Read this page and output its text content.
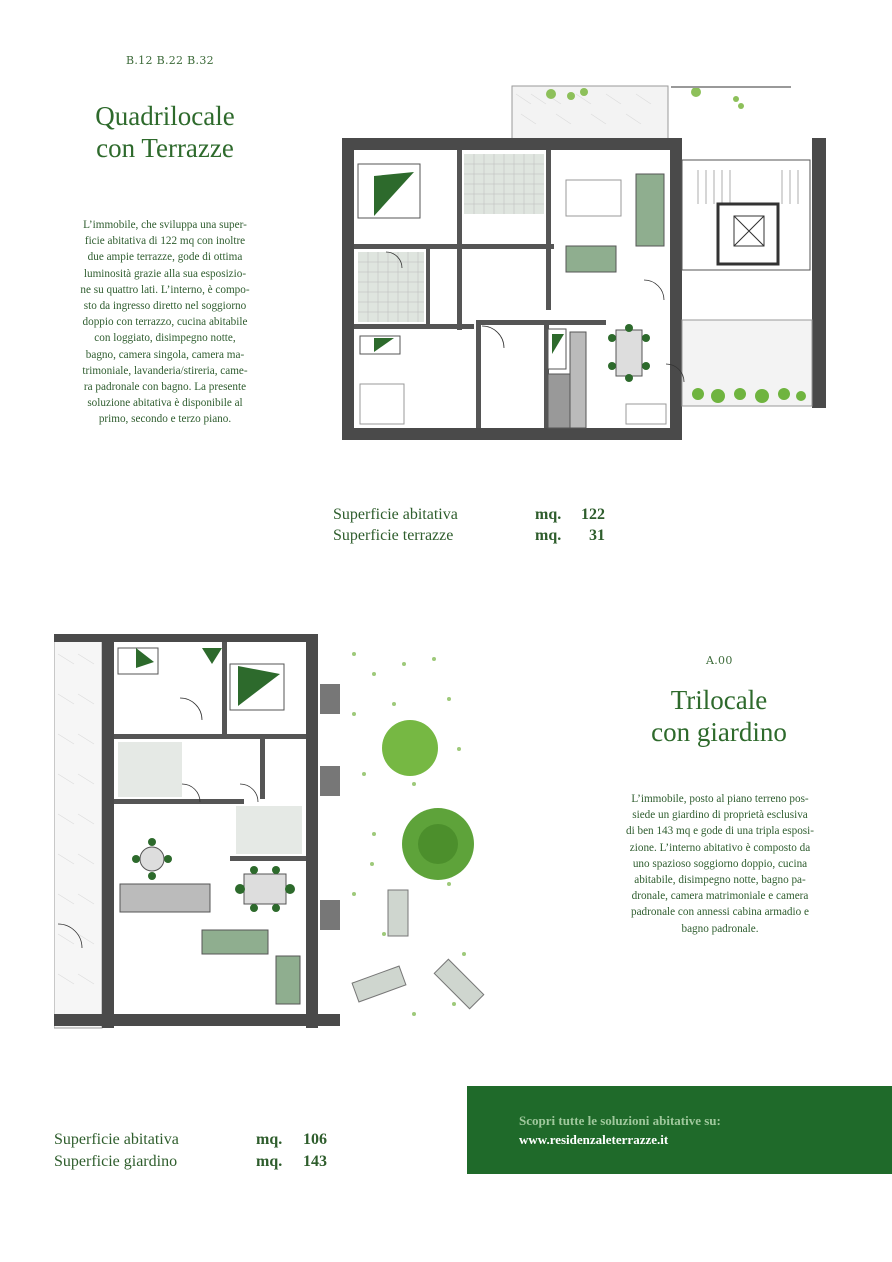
B.12 B.22 B.32
Quadrilocale
con Terrazze
L’immobile, che sviluppa una super-
ficie abitativa di 122 mq con inoltre
due ampie terrazze, gode di ottima
luminosità grazie alla sua esposizio-
ne su quattro lati. L’interno, è compo-
sto da ingresso diretto nel soggiorno
doppio con terrazzo, cucina abitabile
con loggiato, disimpegno notte,
bagno, camera singola, camera ma-
trimoniale, lavanderia/stireria, came-
ra padronale con bagno. La presente
soluzione abitativa è disponibile al
primo, secondo e terzo piano.
Superficie abitativa	mq.	122
Superficie terrazze	mq.	31
A.00
Trilocale
con giardino
L’immobile, posto al piano terreno pos-
siede un giardino di proprietà esclusiva
di ben 143 mq e gode di una tripla esposi-
zione. L’interno abitativo è composto da
uno spazioso soggiorno doppio, cucina
abitabile, disimpegno notte, bagno pa-
dronale, camera matrimoniale e camera
padronale con annessi cabina armadio e
bagno padronale.
Superficie abitativa	mq.	106
Superficie giardino	mq.	143
Scopri tutte le soluzioni abitative su:
www.residenzaleterrazze.it
